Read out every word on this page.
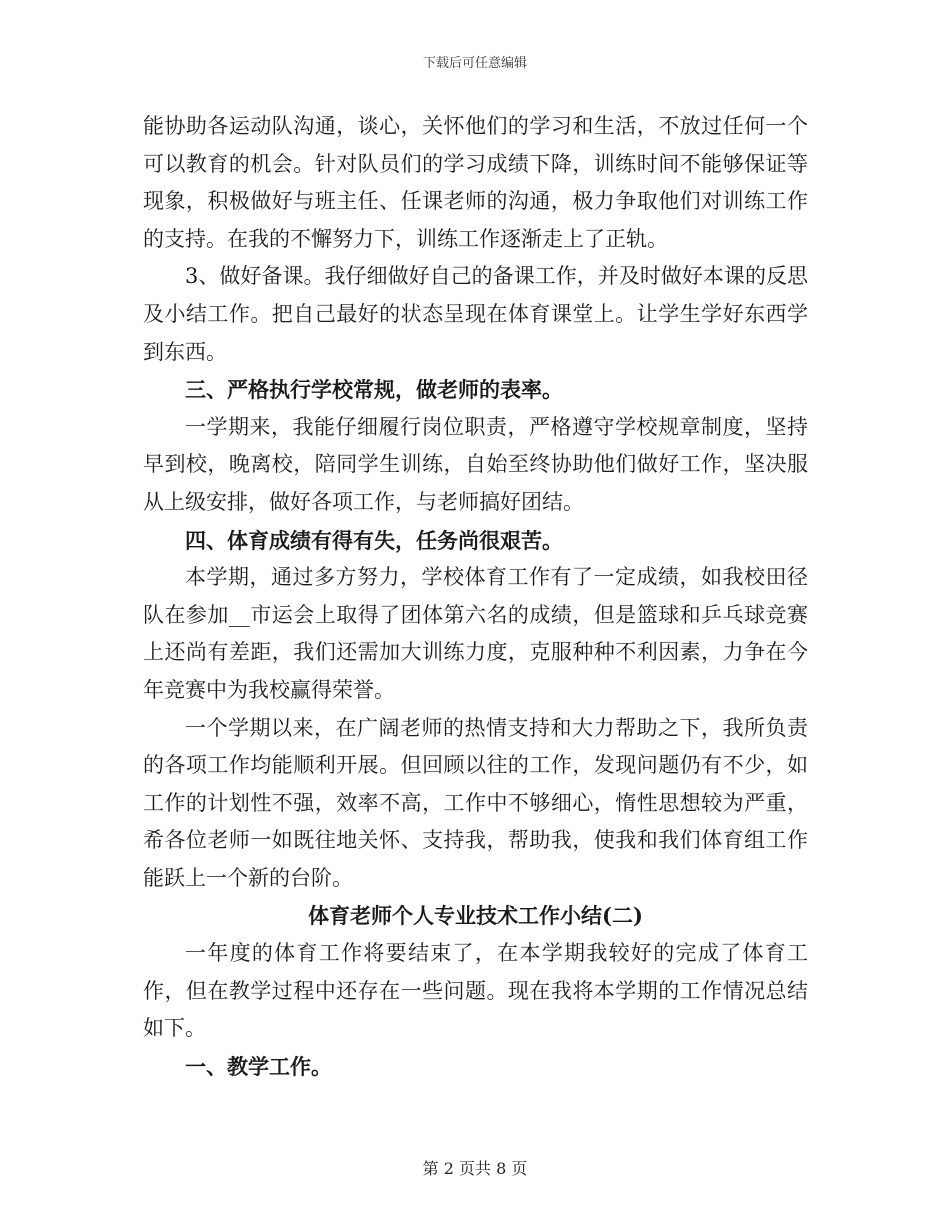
下载后可任意编辑

能协助各运动队沟通，谈心，关怀他们的学习和生活，不放过任何一个可以教育的机会。针对队员们的学习成绩下降，训练时间不能够保证等现象，积极做好与班主任、任课老师的沟通，极力争取他们对训练工作的支持。在我的不懈努力下，训练工作逐渐走上了正轨。

3、做好备课。我仔细做好自己的备课工作，并及时做好本课的反思及小结工作。把自己最好的状态呈现在体育课堂上。让学生学好东西学到东西。

三、严格执行学校常规，做老师的表率。

一学期来，我能仔细履行岗位职责，严格遵守学校规章制度，坚持早到校，晚离校，陪同学生训练，自始至终协助他们做好工作，坚决服从上级安排，做好各项工作，与老师搞好团结。

四、体育成绩有得有失，任务尚很艰苦。

本学期，通过多方努力，学校体育工作有了一定成绩，如我校田径队在参加__市运会上取得了团体第六名的成绩，但是篮球和乒乓球竞赛上还尚有差距，我们还需加大训练力度，克服种种不利因素，力争在今年竞赛中为我校赢得荣誉。

一个学期以来，在广阔老师的热情支持和大力帮助之下，我所负责的各项工作均能顺利开展。但回顾以往的工作，发现问题仍有不少，如工作的计划性不强，效率不高，工作中不够细心，惰性思想较为严重，希各位老师一如既往地关怀、支持我，帮助我，使我和我们体育组工作能跃上一个新的台阶。

体育老师个人专业技术工作小结(二)

一年度的体育工作将要结束了，在本学期我较好的完成了体育工作，但在教学过程中还存在一些问题。现在我将本学期的工作情况总结如下。

一、教学工作。

第 2 页共 8 页
